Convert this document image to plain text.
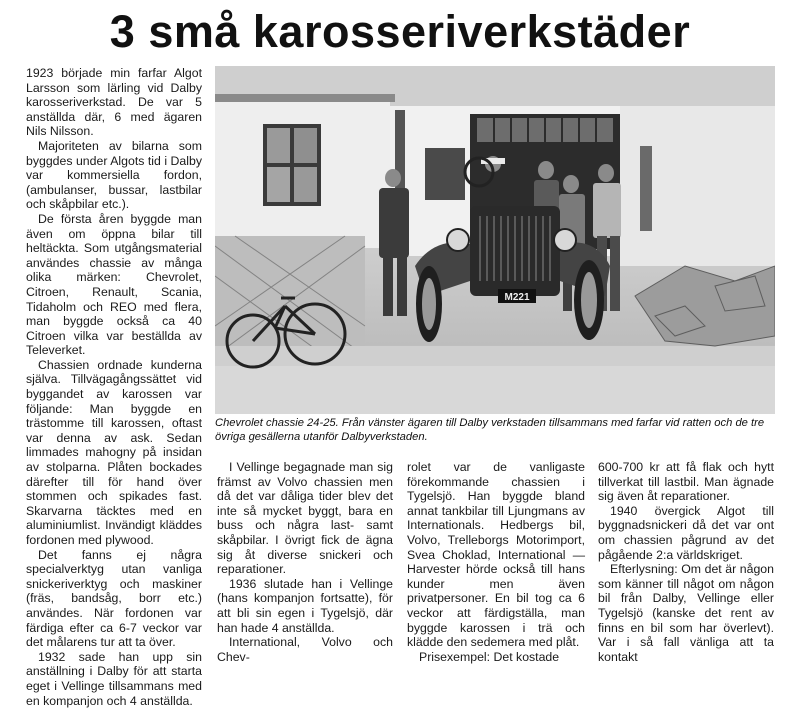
3 små karosseriverkstäder

1923 började min farfar Algot Larsson som lärling vid Dalby karosseriverkstad. De var 5 anställda där, 6 med ägaren Nils Nilsson.

Majoriteten av bilarna som byggdes under Algots tid i Dalby var kommersiella fordon, (ambulanser, bussar, lastbilar och skåpbilar etc.).

De första åren byggde man även om öppna bilar till heltäckta. Som utgångsmaterial användes chassie av många olika märken: Chevrolet, Citroen, Renault, Scania, Tidaholm och REO med flera, man byggde också ca 40 Citroen vilka var beställda av Televerket.

Chassien ordnade kunderna själva. Tillvägagångssättet vid byggandet av karossen var följande: Man byggde en trästomme till karossen, oftast var denna av ask. Sedan limmades mahogny på insidan av stolparna. Plåten bockades därefter till för hand över stommen och spikades fast. Skarvarna täcktes med en aluminiumlist. Invändigt kläddes fordonen med plywood.

Det fanns ej några specialverktyg utan vanliga snickeriverktyg och maskiner (fräs, bandsåg, borr etc.) användes. När fordonen var färdiga efter ca 6-7 veckor var det målarens tur att ta över.

1932 sade han upp sin anställning i Dalby för att starta eget i Vellinge tillsammans med en kompanjon och 4 anställda.

M221
Chevrolet chassie 24-25. Från vänster ägaren till Dalby verkstaden tillsammans med farfar vid ratten och de tre övriga gesällerna utanför Dalbyverkstaden.

I Vellinge begagnade man sig främst av Volvo chassien men då det var dåliga tider blev det inte så mycket byggt, bara en buss och några last- samt skåpbilar. I övrigt fick de ägna sig åt diverse snickeri och reparationer.

1936 slutade han i Vellinge (hans kompanjon fortsatte), för att bli sin egen i Tygelsjö, där han hade 4 anställda.

International, Volvo och Chev-

rolet var de vanligaste förekommande chassien i Tygelsjö. Han byggde bland annat tankbilar till Ljungmans av Internationals. Hedbergs bil, Volvo, Trelleborgs Motorimport, Svea Choklad, International — Harvester hörde också till hans kunder men även privatpersoner. En bil tog ca 6 veckor att färdigställa, man byggde karossen i trä och klädde den sedemera med plåt.

Prisexempel: Det kostade

600-700 kr att få flak och hytt tillverkat till lastbil. Man ägnade sig även åt reparationer.

1940 övergick Algot till byggnadsnickeri då det var ont om chassien pågrund av det pågående 2:a världskriget.

Efterlysning: Om det är någon som känner till något om någon bil från Dalby, Vellinge eller Tygelsjö (kanske det rent av finns en bil som har överlevt). Var i så fall vänliga att ta kontakt
